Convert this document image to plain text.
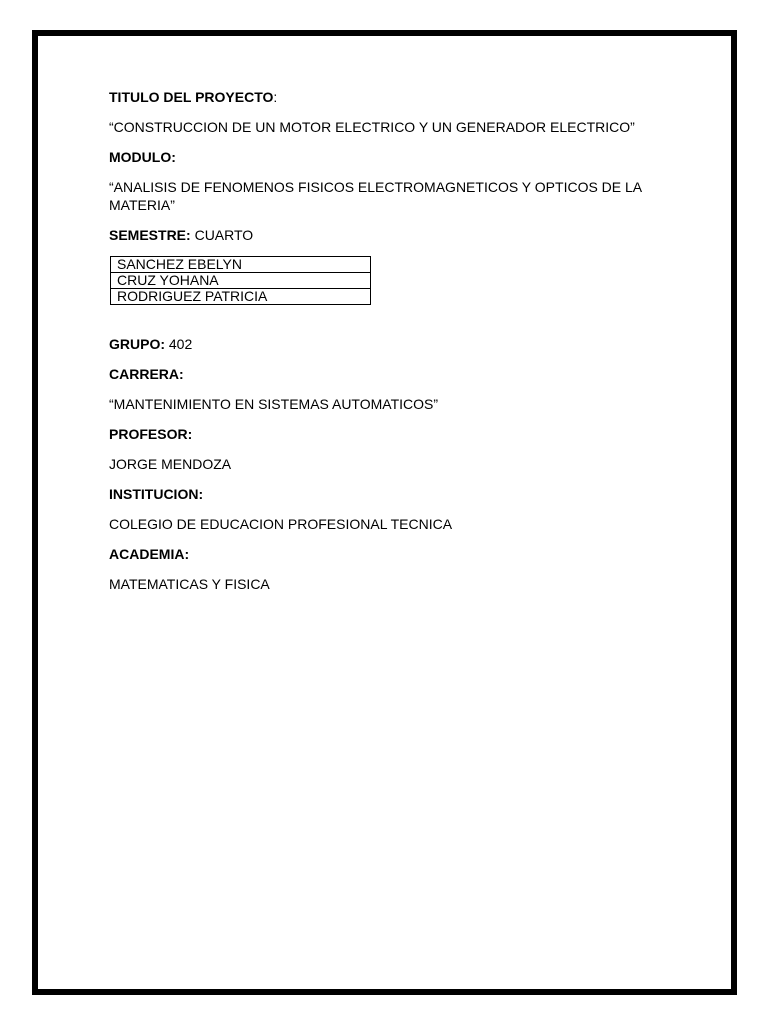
TITULO DEL PROYECTO:

“CONSTRUCCION DE UN MOTOR ELECTRICO Y UN GENERADOR ELECTRICO”

MODULO:

“ANALISIS DE FENOMENOS FISICOS ELECTROMAGNETICOS Y OPTICOS DE LA MATERIA”

SEMESTRE: CUARTO

SANCHEZ EBELYN
CRUZ YOHANA
RODRIGUEZ PATRICIA

GRUPO: 402

CARRERA:

“MANTENIMIENTO EN SISTEMAS AUTOMATICOS”

PROFESOR:

JORGE MENDOZA

INSTITUCION:

COLEGIO DE EDUCACION PROFESIONAL TECNICA

ACADEMIA:

MATEMATICAS Y FISICA
